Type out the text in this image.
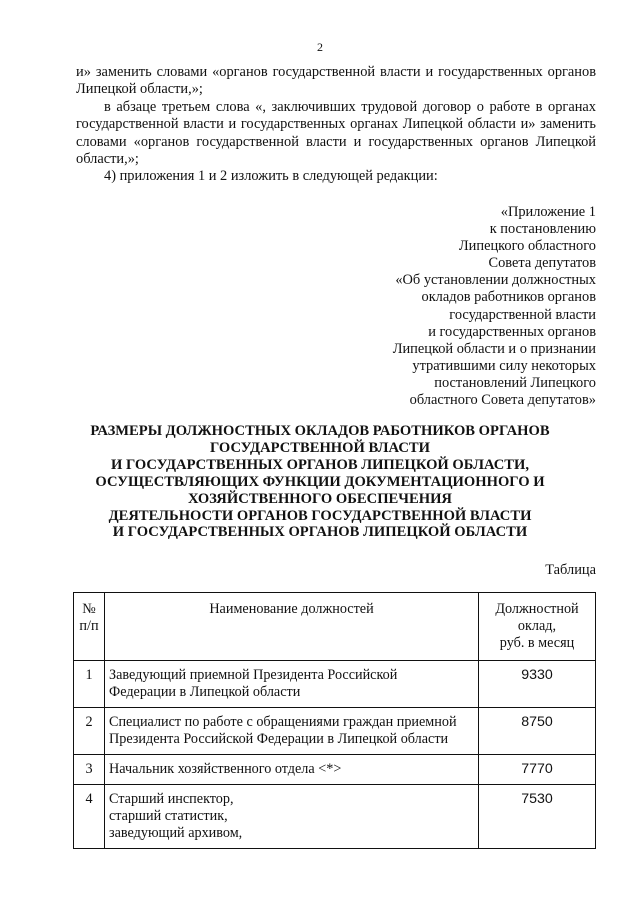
2

и» заменить словами «органов государственной власти и государственных органов Липецкой области,»;

в абзаце третьем слова «, заключивших трудовой договор о работе в органах государственной власти и государственных органах Липецкой области и» заменить словами «органов государственной власти и государственных органов Липецкой области,»;

4) приложения 1 и 2 изложить в следующей редакции:

«Приложение 1
к постановлению
Липецкого областного
Совета депутатов
«Об установлении должностных
окладов работников органов
государственной власти
и государственных органов
Липецкой области и о признании
утратившими силу некоторых
постановлений Липецкого
областного Совета депутатов»
РАЗМЕРЫ ДОЛЖНОСТНЫХ ОКЛАДОВ РАБОТНИКОВ ОРГАНОВ
ГОСУДАРСТВЕННОЙ ВЛАСТИ
И ГОСУДАРСТВЕННЫХ ОРГАНОВ ЛИПЕЦКОЙ ОБЛАСТИ,
ОСУЩЕСТВЛЯЮЩИХ ФУНКЦИИ ДОКУМЕНТАЦИОННОГО И
ХОЗЯЙСТВЕННОГО ОБЕСПЕЧЕНИЯ
ДЕЯТЕЛЬНОСТИ ОРГАНОВ ГОСУДАРСТВЕННОЙ ВЛАСТИ
И ГОСУДАРСТВЕННЫХ ОРГАНОВ ЛИПЕЦКОЙ ОБЛАСТИ
Таблица
№
п/п	Наименование должностей	Должностной
оклад,
руб. в месяц

1	Заведующий приемной Президента Российской
Федерации в Липецкой области	9330
2	Специалист по работе с обращениями граждан приемной
Президента Российской Федерации в Липецкой области	8750
3	Начальник хозяйственного отдела <*>	7770
4	Старший инспектор,
старший статистик,
заведующий архивом,	7530
